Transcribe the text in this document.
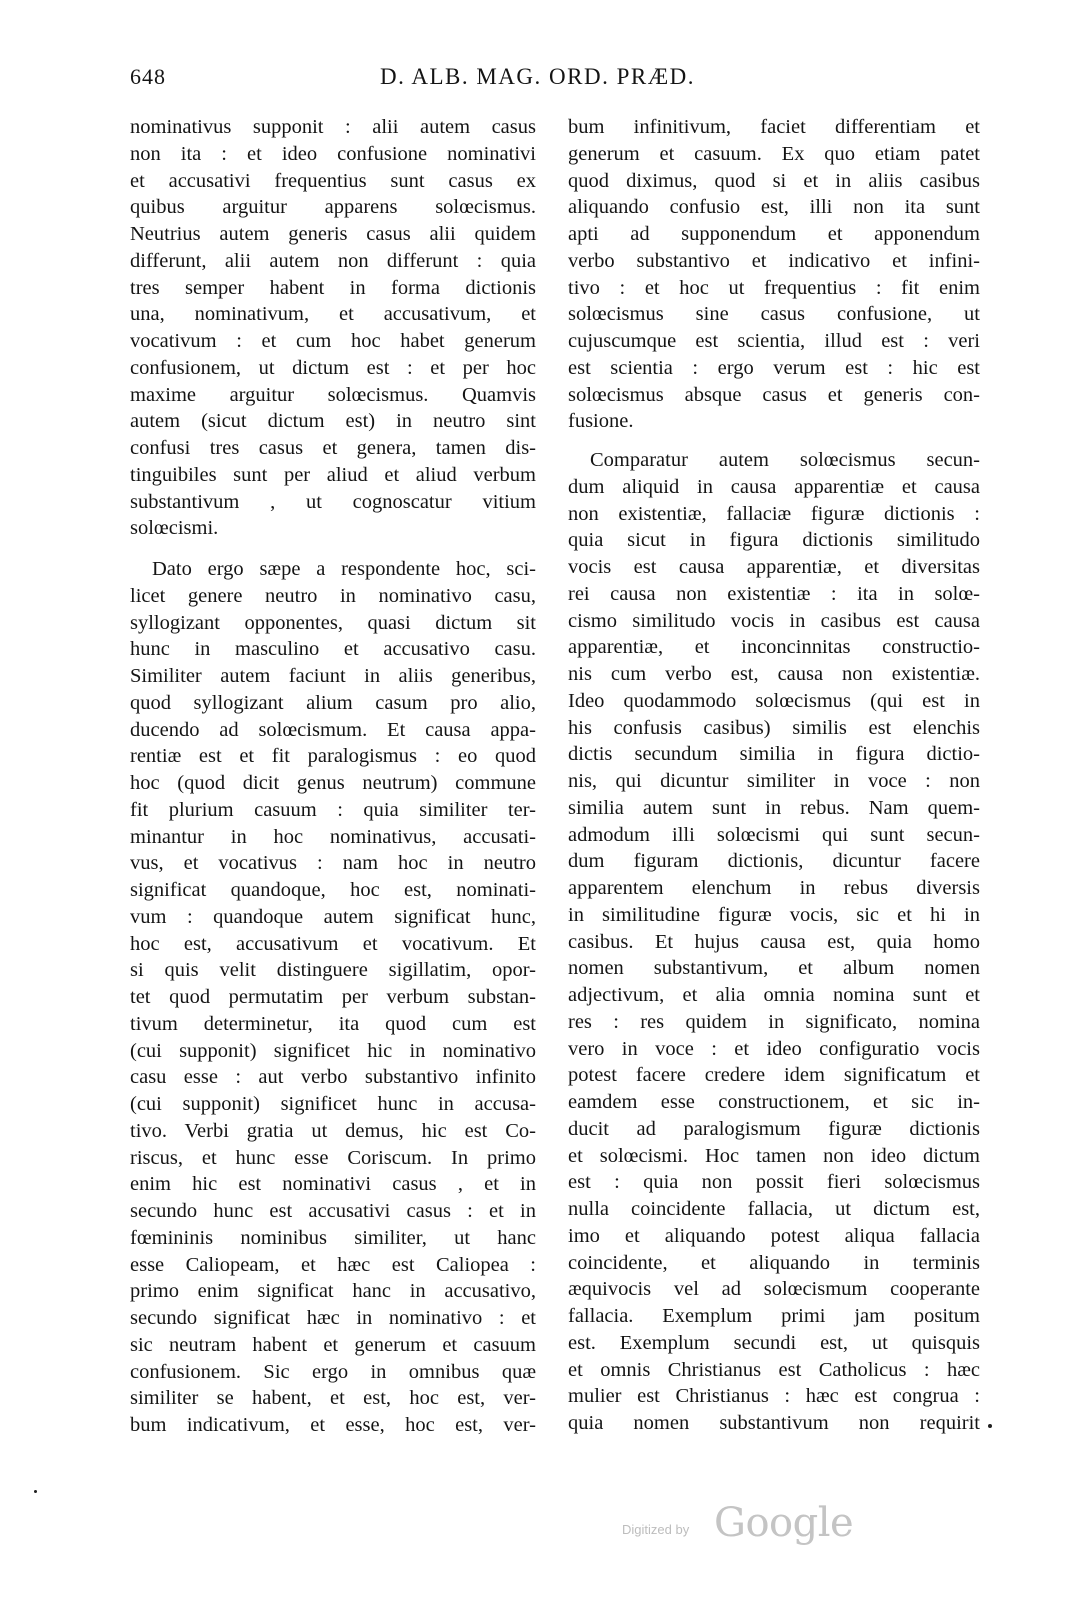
648	D. ALB. MAG. ORD. PRÆD.
nominativus supponit : alii autem casus
non ita : et ideo confusione nominativi
et accusativi frequentius sunt casus ex
quibus arguitur apparens solœcismus.
Neutrius autem generis casus alii quidem
differunt, alii autem non differunt : quia
tres semper habent in forma dictionis
una, nominativum, et accusativum, et
vocativum : et cum hoc habet generum
confusionem, ut dictum est : et per hoc
maxime arguitur solœcismus. Quamvis
autem (sicut dictum est) in neutro sint
confusi tres casus et genera, tamen dis-
tinguibiles sunt per aliud et aliud verbum
substantivum , ut cognoscatur vitium
solœcismi.
Dato ergo sæpe a respondente hoc, sci-
licet genere neutro in nominativo casu,
syllogizant opponentes, quasi dictum sit
hunc in masculino et accusativo casu.
Similiter autem faciunt in aliis generibus,
quod syllogizant alium casum pro alio,
ducendo ad solœcismum. Et causa appa-
rentiæ est et fit paralogismus : eo quod
hoc (quod dicit genus neutrum) commune
fit plurium casuum : quia similiter ter-
minantur in hoc nominativus, accusati-
vus, et vocativus : nam hoc in neutro
significat quandoque, hoc est, nominati-
vum : quandoque autem significat hunc,
hoc est, accusativum et vocativum. Et
si quis velit distinguere sigillatim, opor-
tet quod permutatim per verbum substan-
tivum determinetur, ita quod cum est
(cui supponit) significet hic in nominativo
casu esse : aut verbo substantivo infinito
(cui supponit) significet hunc in accusa-
tivo. Verbi gratia ut demus, hic est Co-
riscus, et hunc esse Coriscum. In primo
enim hic est nominativi casus , et in
secundo hunc est accusativi casus : et in
fœmininis nominibus similiter, ut hanc
esse Caliopeam, et hæc est Caliopea :
primo enim significat hanc in accusativo,
secundo significat hæc in nominativo : et
sic neutram habent et generum et casuum
confusionem. Sic ergo in omnibus quæ
similiter se habent, et est, hoc est, ver-
bum indicativum, et esse, hoc est, ver-
bum infinitivum, faciet differentiam et
generum et casuum. Ex quo etiam patet
quod diximus, quod si et in aliis casibus
aliquando confusio est, illi non ita sunt
apti ad supponendum et apponendum
verbo substantivo et indicativo et infini-
tivo : et hoc ut frequentius : fit enim
solœcismus sine casus confusione, ut
cujuscumque est scientia, illud est : veri
est scientia : ergo verum est : hic est
solœcismus absque casus et generis con-
fusione.
Comparatur autem solœcismus secun-
dum aliquid in causa apparentiæ et causa
non existentiæ, fallaciæ figuræ dictionis :
quia sicut in figura dictionis similitudo
vocis est causa apparentiæ, et diversitas
rei causa non existentiæ : ita in solœ-
cismo similitudo vocis in casibus est causa
apparentiæ, et inconcinnitas constructio-
nis cum verbo est, causa non existentiæ.
Ideo quodammodo solœcismus (qui est in
his confusis casibus) similis est elenchis
dictis secundum similia in figura dictio-
nis, qui dicuntur similiter in voce : non
similia autem sunt in rebus. Nam quem-
admodum illi solœcismi qui sunt secun-
dum figuram dictionis, dicuntur facere
apparentem elenchum in rebus diversis
in similitudine figuræ vocis, sic et hi in
casibus. Et hujus causa est, quia homo
nomen substantivum, et album nomen
adjectivum, et alia omnia nomina sunt et
res : res quidem in significato, nomina
vero in voce : et ideo configuratio vocis
potest facere credere idem significatum et
eamdem esse constructionem, et sic in-
ducit ad paralogismum figuræ dictionis
et solœcismi. Hoc tamen non ideo dictum
est : quia non possit fieri solœcismus
nulla coincidente fallacia, ut dictum est,
imo et aliquando potest aliqua fallacia
coincidente, et aliquando in terminis
æquivocis vel ad solœcismum cooperante
fallacia. Exemplum primi jam positum
est. Exemplum secundi est, ut quisquis
et omnis Christianus est Catholicus : hæc
mulier est Christianus : hæc est congrua :
quia nomen substantivum non requirit
Digitized by Google
